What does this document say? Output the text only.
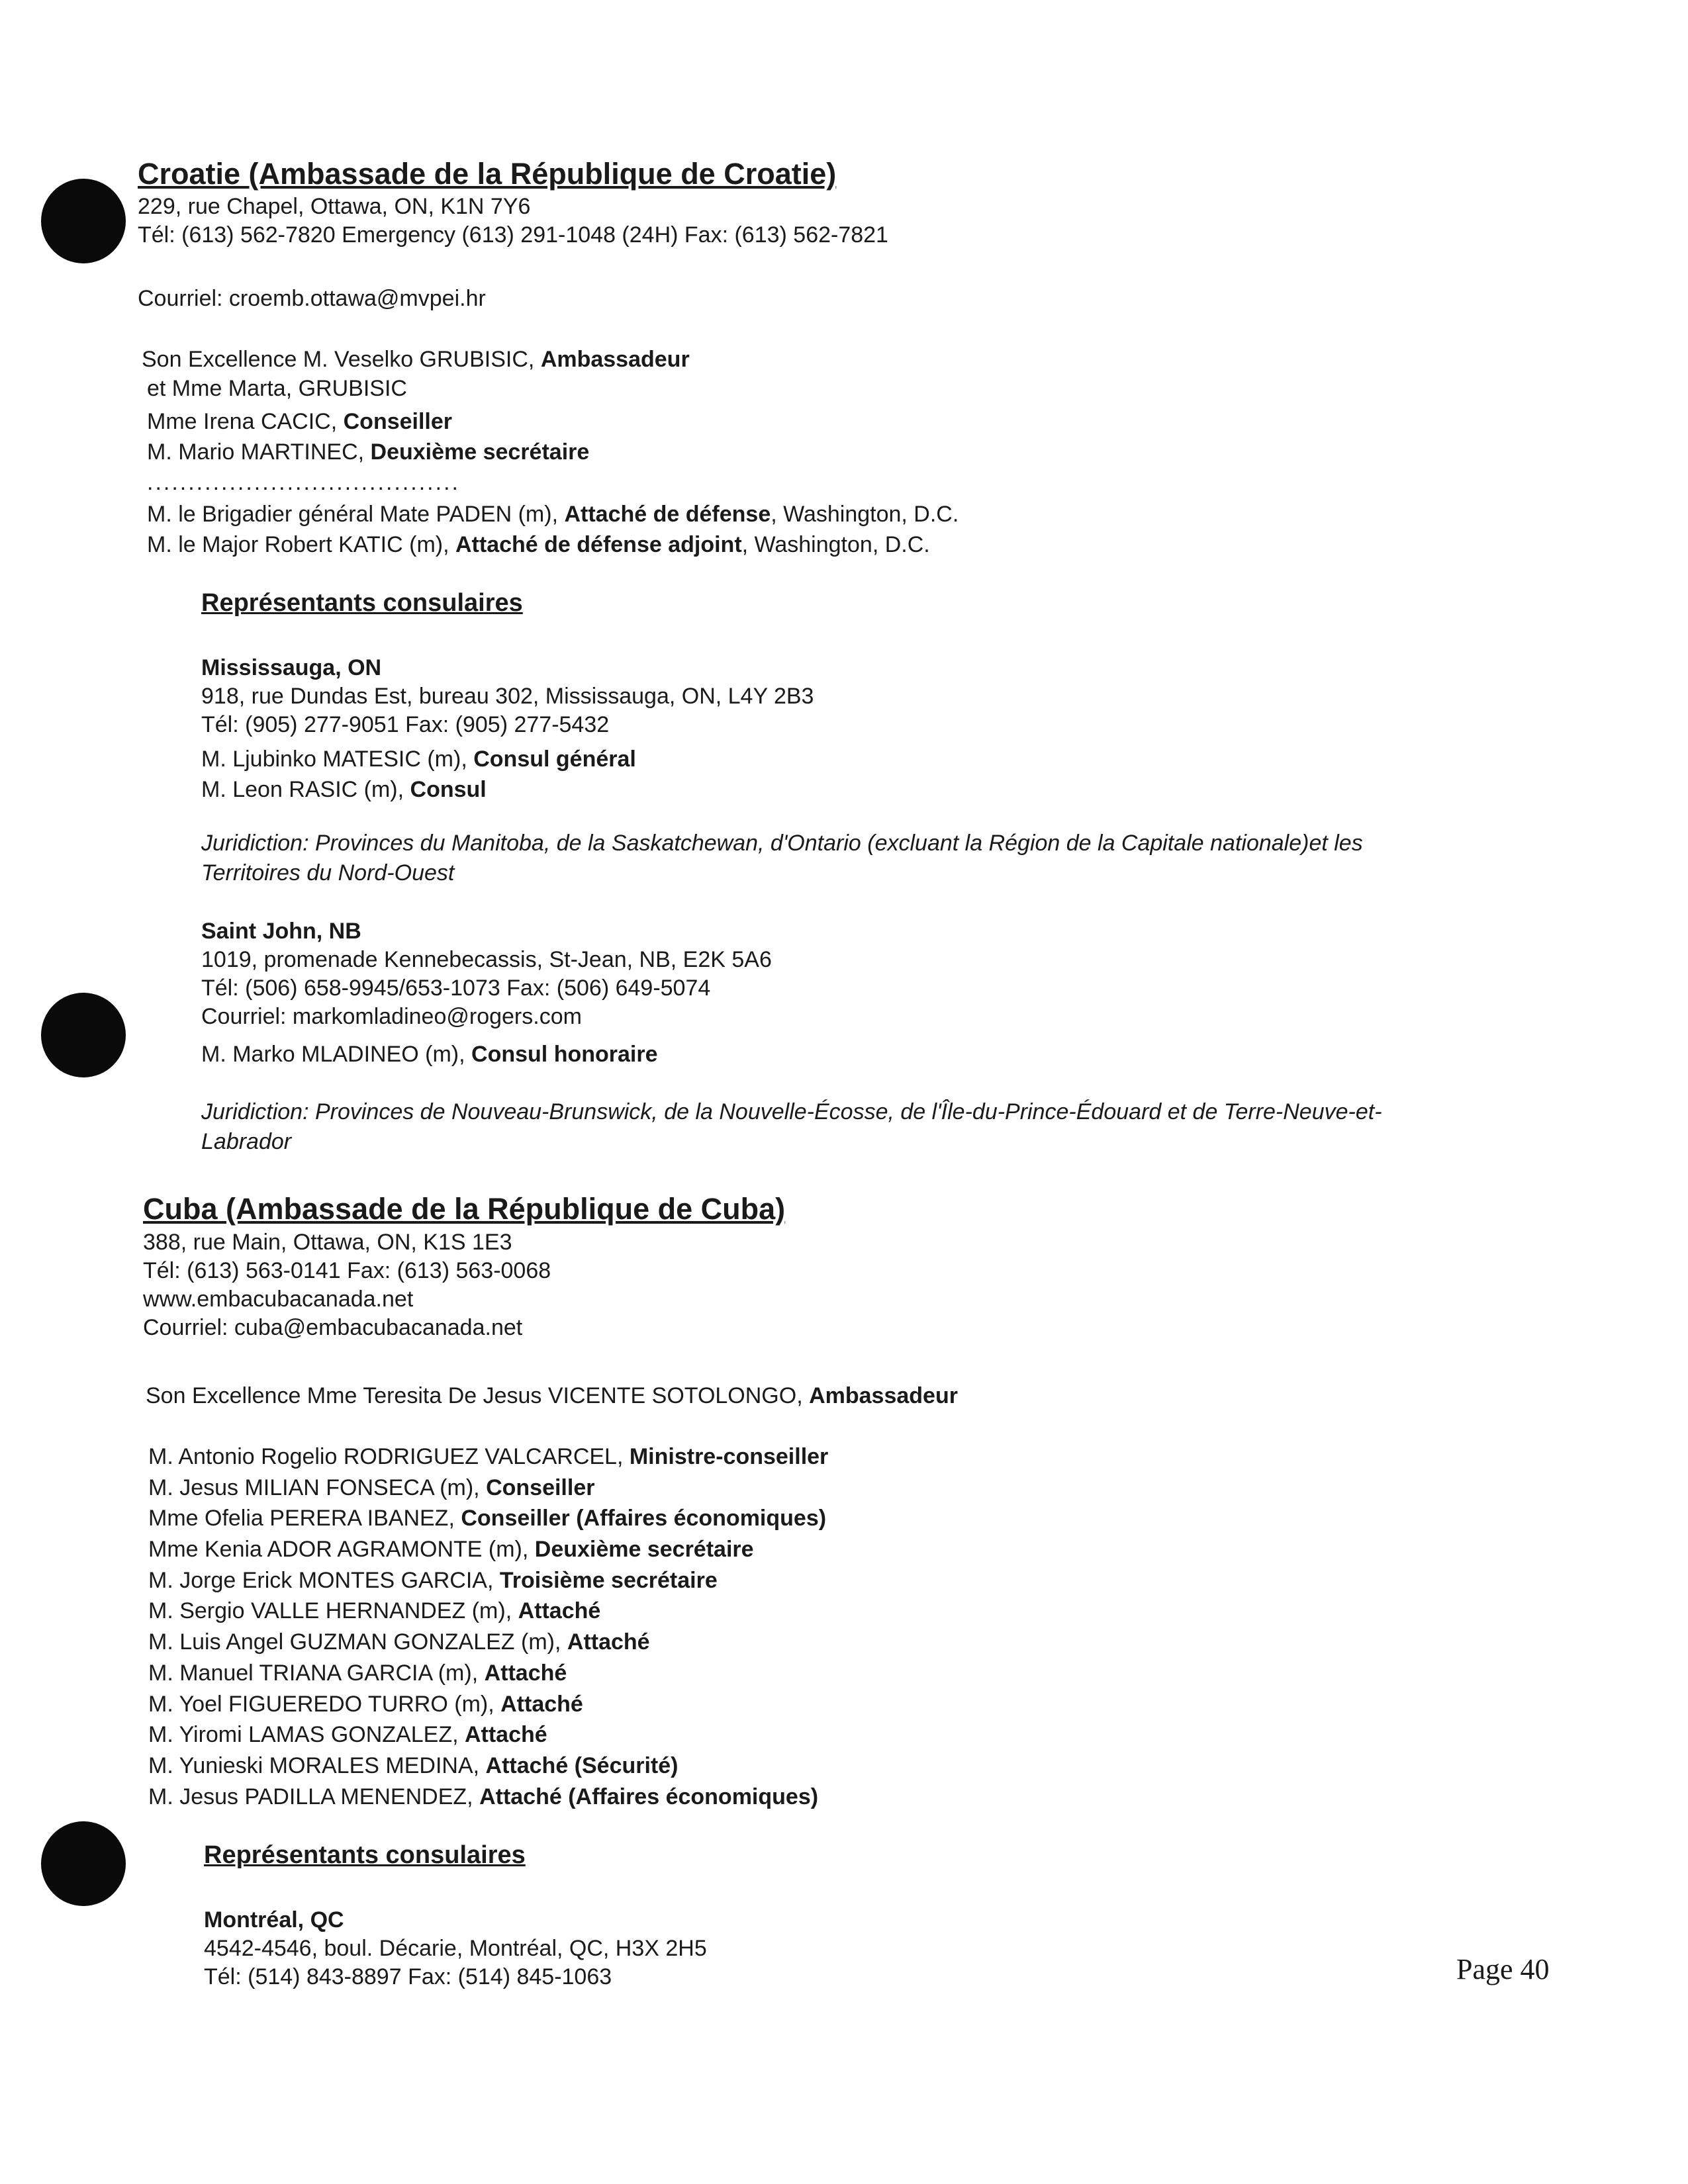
Croatie (Ambassade de la République de Croatie)
229, rue Chapel, Ottawa, ON, K1N 7Y6
Tél: (613) 562-7820 Emergency (613) 291-1048 (24H) Fax: (613) 562-7821
Courriel: croemb.ottawa@mvpei.hr
Son Excellence M. Veselko GRUBISIC, Ambassadeur
et Mme Marta, GRUBISIC
Mme Irena CACIC, Conseiller
M. Mario MARTINEC, Deuxième secrétaire
......................................
M. le Brigadier général Mate PADEN (m), Attaché de défense, Washington, D.C.
M. le Major Robert KATIC (m), Attaché de défense adjoint, Washington, D.C.
Représentants consulaires
Mississauga, ON
918, rue Dundas Est, bureau 302, Mississauga, ON, L4Y 2B3
Tél: (905) 277-9051 Fax: (905) 277-5432
M. Ljubinko MATESIC (m), Consul général
M. Leon RASIC (m), Consul
Juridiction: Provinces du Manitoba, de la Saskatchewan, d'Ontario (excluant la Région de la Capitale nationale)et les
Territoires du Nord-Ouest
Saint John, NB
1019, promenade Kennebecassis, St-Jean, NB, E2K 5A6
Tél: (506) 658-9945/653-1073 Fax: (506) 649-5074
Courriel: markomladineo@rogers.com
M. Marko MLADINEO (m), Consul honoraire
Juridiction: Provinces de Nouveau-Brunswick, de la Nouvelle-Écosse, de l'Île-du-Prince-Édouard et de Terre-Neuve-et-
Labrador
Cuba (Ambassade de la République de Cuba)
388, rue Main, Ottawa, ON, K1S 1E3
Tél: (613) 563-0141 Fax: (613) 563-0068
www.embacubacanada.net
Courriel: cuba@embacubacanada.net
Son Excellence Mme Teresita De Jesus VICENTE SOTOLONGO, Ambassadeur
M. Antonio Rogelio RODRIGUEZ VALCARCEL, Ministre-conseiller
M. Jesus MILIAN FONSECA (m), Conseiller
Mme Ofelia PERERA IBANEZ, Conseiller (Affaires économiques)
Mme Kenia ADOR AGRAMONTE (m), Deuxième secrétaire
M. Jorge Erick MONTES GARCIA, Troisième secrétaire
M. Sergio VALLE HERNANDEZ (m), Attaché
M. Luis Angel GUZMAN GONZALEZ (m), Attaché
M. Manuel TRIANA GARCIA (m), Attaché
M. Yoel FIGUEREDO TURRO (m), Attaché
M. Yiromi LAMAS GONZALEZ, Attaché
M. Yunieski MORALES MEDINA, Attaché (Sécurité)
M. Jesus PADILLA MENENDEZ, Attaché (Affaires économiques)
Représentants consulaires
Montréal, QC
4542-4546, boul. Décarie, Montréal, QC, H3X 2H5
Tél: (514) 843-8897 Fax: (514) 845-1063	Page 40
